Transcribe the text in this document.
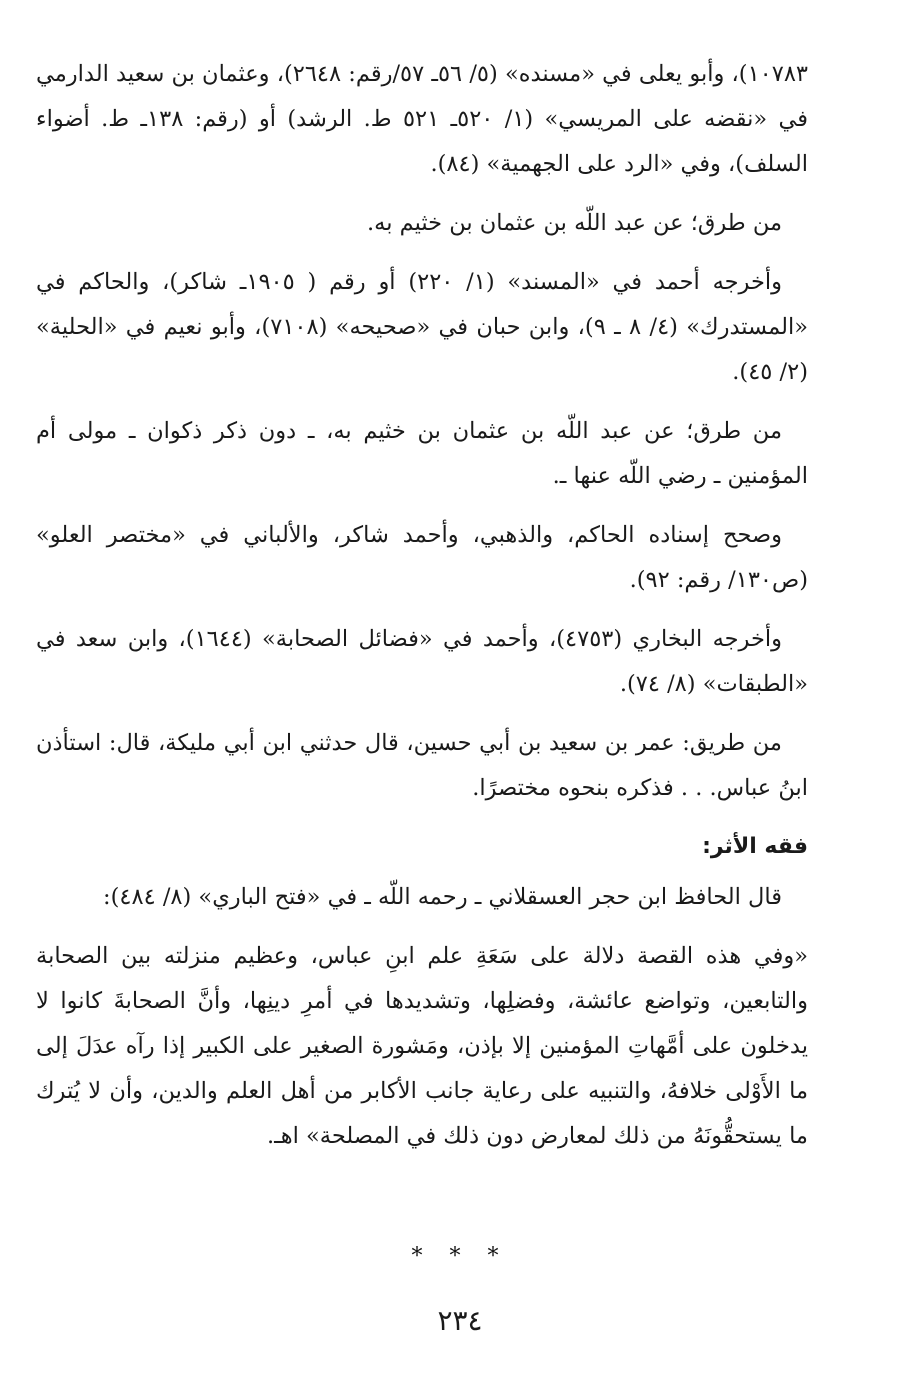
١٠٧٨٣)، وأبو يعلى في «مسنده» (٥/ ٥٦ـ ٥٧/رقم: ٢٦٤٨)، وعثمان بن سعيد الدارمي في «نقضه على المريسي» (١/ ٥٢٠ـ ٥٢١ ط. الرشد) أو (رقم: ١٣٨ـ ط. أضواء السلف)، وفي «الرد على الجهمية» (٨٤).

من طرق؛ عن عبد اللّه بن عثمان بن خثيم به.

وأخرجه أحمد في «المسند» (١/ ٢٢٠) أو رقم ( ١٩٠٥ـ شاكر)، والحاكم في «المستدرك» (٤/ ٨ ـ ٩)، وابن حبان في «صحيحه» (٧١٠٨)، وأبو نعيم في «الحلية» (٢/ ٤٥).

من طرق؛ عن عبد اللّه بن عثمان بن خثيم به، ـ دون ذكر ذكوان ـ مولى أم المؤمنين ـ رضي اللّه عنها ـ.

وصحح إسناده الحاكم، والذهبي، وأحمد شاكر، والألباني في «مختصر العلو» (ص١٣٠/ رقم: ٩٢).

وأخرجه البخاري (٤٧٥٣)، وأحمد في «فضائل الصحابة» (١٦٤٤)، وابن سعد في «الطبقات» (٨/ ٧٤).

من طريق: عمر بن سعيد بن أبي حسين، قال حدثني ابن أبي مليكة، قال: استأذن ابنُ عباس. . . فذكره بنحوه مختصرًا.

فقه الأثر:

قال الحافظ ابن حجر العسقلاني ـ رحمه اللّه ـ في «فتح الباري» (٨/ ٤٨٤):

«وفي هذه القصة دلالة على سَعَةِ علم ابنِ عباس، وعظيم منزلته بين الصحابة والتابعين، وتواضع عائشة، وفضلِها، وتشديدها في أمرِ دينِها، وأنَّ الصحابةَ كانوا لا يدخلون على أمَّهاتِ المؤمنين إلا بإذن، ومَشورة الصغير على الكبير إذا رآه عدَلَ إلى ما الأَوْلى خلافهُ، والتنبيه على رعاية جانب الأكابر من أهل العلم والدين، وأن لا يُترك ما يستحقُّونَهُ من ذلك لمعارض دون ذلك في المصلحة» اهـ.

* * *
٢٣٤
